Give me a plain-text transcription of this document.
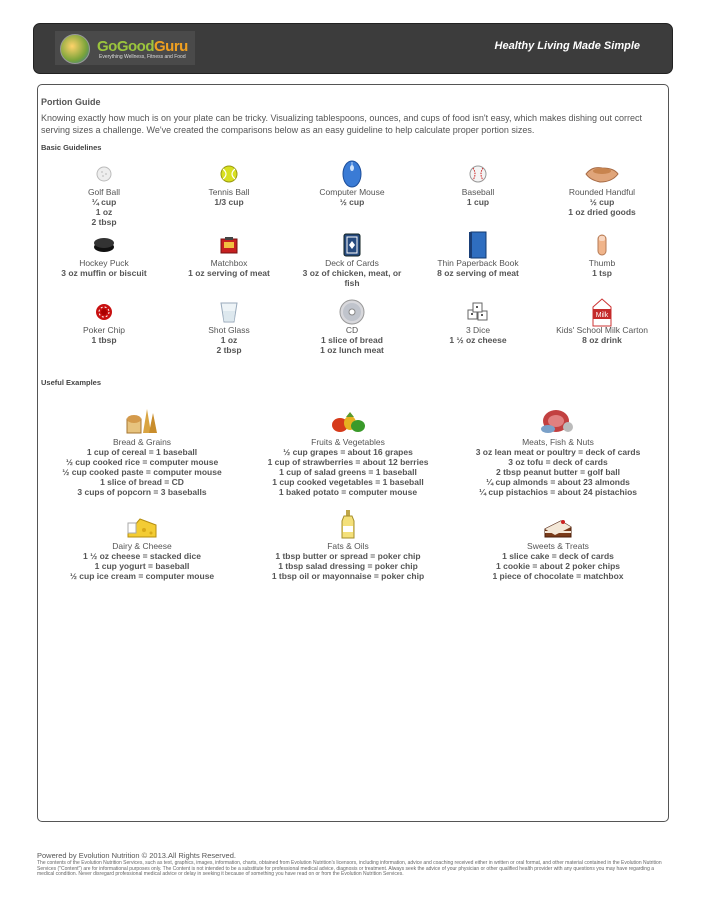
GoGoodGuru
Everything Wellness, Fitness and Food
Healthy Living Made Simple
Portion Guide
Knowing exactly how much is on your plate can be tricky. Visualizing tablespoons, ounces, and cups of food isn't easy, which makes dishing out correct serving sizes a challenge. We've created the comparisons below as an easy guideline to help calculate proper portion sizes.
Basic Guidelines
Golf Ball
¼ cup
1 oz
2 tbsp
Tennis Ball
1/3 cup
Computer Mouse
½ cup
Baseball
1 cup
Rounded Handful
½ cup
1 oz dried goods
Hockey Puck
3 oz muffin or biscuit
Matchbox
1 oz serving of meat
Deck of Cards
3 oz of chicken, meat, or
fish
Thin Paperback Book
8 oz serving of meat
Thumb
1 tsp
Poker Chip
1 tbsp
Shot Glass
1 oz
2 tbsp
CD
1 slice of bread
1 oz lunch meat
3 Dice
1 ½ oz cheese
Milk
Kids' School Milk Carton
8 oz drink
Useful Examples
Bread & Grains
1 cup of cereal = 1 baseball
½ cup cooked rice = computer mouse
½ cup cooked paste = computer mouse
1 slice of bread = CD
3 cups of popcorn = 3 baseballs
Fruits & Vegetables
½ cup grapes = about 16 grapes
1 cup of strawberries = about 12 berries
1 cup of salad greens = 1 baseball
1 cup cooked vegetables = 1 baseball
1 baked potato = computer mouse
Meats, Fish & Nuts
3 oz lean meat or poultry = deck of cards
3 oz tofu = deck of cards
2 tbsp peanut butter = golf ball
¼ cup almonds = about 23 almonds
¼ cup pistachios = about 24 pistachios
Dairy & Cheese
1 ½ oz cheese = stacked dice
1 cup yogurt = baseball
½ cup ice cream = computer mouse
Fats & Oils
1 tbsp butter or spread = poker chip
1 tbsp salad dressing = poker chip
1 tbsp oil or mayonnaise = poker chip
Sweets & Treats
1 slice cake = deck of cards
1 cookie = about 2 poker chips
1 piece of chocolate = matchbox
Powered by Evolution Nutrition © 2013.All Rights Reserved.
The contents of the Evolution Nutrition Services, such as text, graphics, images, information, charts, obtained from Evolution Nutrition's licensors, including information, advice and coaching received either in written or oral format, and other material contained in the Evolution Nutrition Services ("Content") are for informational purposes only. The Content is not intended to be a substitute for professional medical advice, diagnosis or treatment. Always seek the advice of your physician or other qualified health provider with any questions you may have regarding a medical condition. Never disregard professional medical advice or delay in seeking it because of something you have read on or from the Evolution Nutrition Services.
